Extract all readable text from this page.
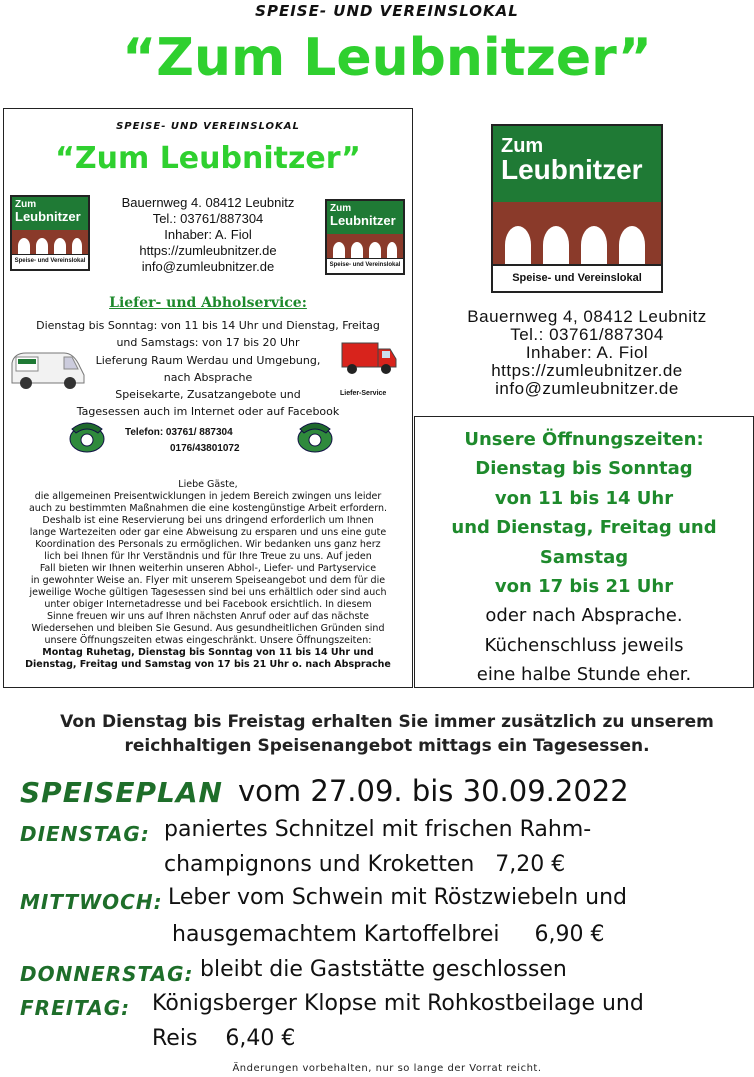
SPEISE- UND VEREINSLOKAL
“Zum Leubnitzer”
SPEISE- UND VEREINSLOKAL
“Zum Leubnitzer”
Zum
Leubnitzer
Speise- und Vereinslokal
Bauernweg 4. 08412 Leubnitz
Tel.: 03761/887304
Inhaber: A. Fiol
https://zumleubnitzer.de
info@zumleubnitzer.de
Zum
Leubnitzer
Speise- und Vereinslokal
Liefer- und Abholservice:
Dienstag bis Sonntag: von 11 bis 14 Uhr und Dienstag, Freitag
und Samstags: von 17 bis 20 Uhr
Lieferung Raum Werdau und Umgebung,
nach Absprache
Speisekarte, Zusatzangebote und
Tagesessen auch im Internet oder auf Facebook
Liefer-Service
Telefon: 03761/ 887304
0176/43801072
Liebe Gäste,
die allgemeinen Preisentwicklungen in jedem Bereich zwingen uns leider
auch zu bestimmten Maßnahmen die eine kostengünstige Arbeit erfordern.
Deshalb ist eine Reservierung bei uns dringend erforderlich um Ihnen
lange Wartezeiten oder gar eine Abweisung zu ersparen und uns eine gute
Koordination des Personals zu ermöglichen. Wir bedanken uns ganz herz
lich bei Ihnen für Ihr Verständnis und für Ihre Treue zu uns. Auf jeden
Fall bieten wir Ihnen weiterhin unseren Abhol-, Liefer- und Partyservice
in gewohnter Weise an. Flyer mit unserem Speiseangebot und dem für die
jeweilige Woche gültigen Tagesessen sind bei uns erhältlich oder sind auch
unter obiger Internetadresse und bei Facebook ersichtlich. In diesem
Sinne freuen wir uns auf Ihren nächsten Anruf oder auf das nächste
Wiedersehen und bleiben Sie Gesund. Aus gesundheitlichen Gründen sind
unsere Öffnungszeiten etwas eingeschränkt. Unsere Öffnungszeiten:
Montag Ruhetag, Dienstag bis Sonntag von 11 bis 14 Uhr und
Dienstag, Freitag und Samstag von 17 bis 21 Uhr o. nach Absprache
Zum
Leubnitzer
Speise- und Vereinslokal
Bauernweg 4, 08412 Leubnitz
Tel.: 03761/887304
Inhaber: A. Fiol
https://zumleubnitzer.de
info@zumleubnitzer.de
Unsere Öffnungszeiten:
Dienstag bis Sonntag
von 11 bis 14 Uhr
und Dienstag, Freitag und
Samstag
von 17 bis 21 Uhr
oder nach Absprache.
Küchenschluss jeweils
eine halbe Stunde eher.
Von Dienstag bis Freistag erhalten Sie immer zusätzlich zu unserem
reichhaltigen Speisenangebot mittags ein Tagesessen.
SPEISEPLAN vom 27.09. bis 30.09.2022
DIENSTAG: paniertes Schnitzel mit frischen Rahm-
champignons und Kroketten   7,20 €
MITTWOCH: Leber vom Schwein mit Röstzwiebeln und
hausgemachtem Kartoffelbrei     6,90 €
DONNERSTAG: bleibt die Gaststätte geschlossen
FREITAG: Königsberger Klopse mit Rohkostbeilage und
Reis    6,40 €
Änderungen vorbehalten, nur so lange der Vorrat reicht.
